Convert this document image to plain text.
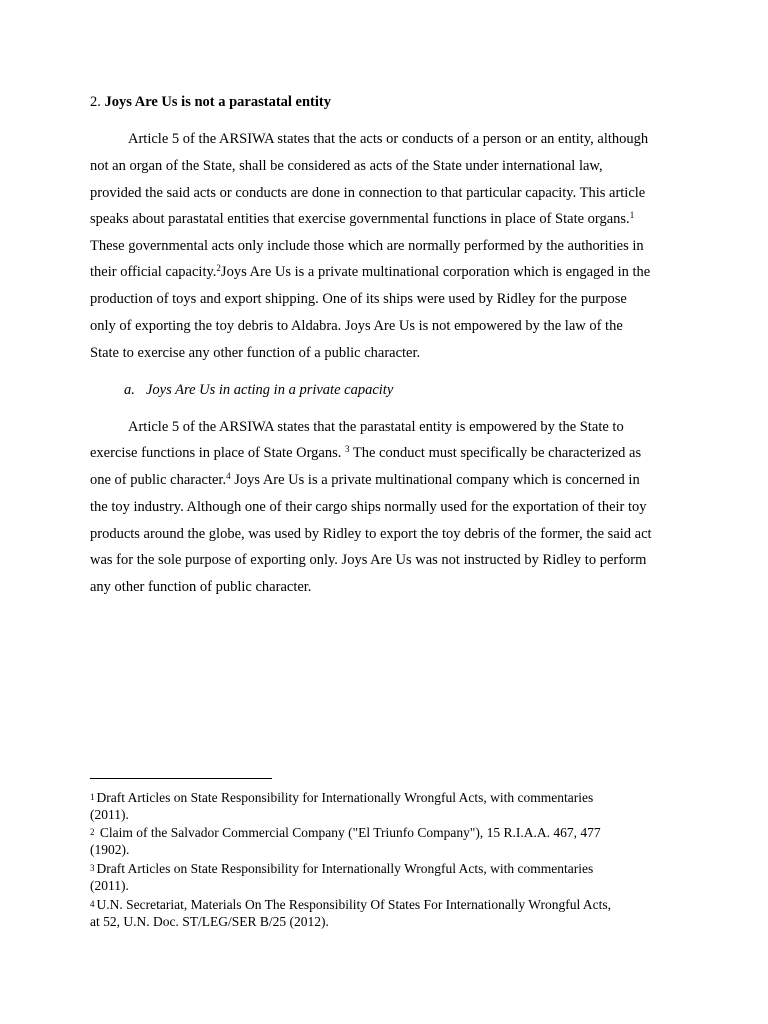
2. Joys Are Us is not a parastatal entity
Article 5 of the ARSIWA states that the acts or conducts of a person or an entity, although
not an organ of the State, shall be considered as acts of the State under international law,
provided the said acts or conducts are done in connection to that particular capacity. This article
speaks about parastatal entities that exercise governmental functions in place of State organs.$^1$
These governmental acts only include those which are normally performed by the authorities in
their official capacity.$^2$Joys Are Us is a private multinational corporation which is engaged in the
production of toys and export shipping. One of its ships were used by Ridley for the purpose
only of exporting the toy debris to Aldabra. Joys Are Us is not empowered by the law of the
State to exercise any other function of a public character.
a. Joys Are Us in acting in a private capacity
Article 5 of the ARSIWA states that the parastatal entity is empowered by the State to
exercise functions in place of State Organs. $^3$ The conduct must specifically be characterized as
one of public character.$^4$ Joys Are Us is a private multinational company which is concerned in
the toy industry. Although one of their cargo ships normally used for the exportation of their toy
products around the globe, was used by Ridley to export the toy debris of the former, the said act
was for the sole purpose of exporting only. Joys Are Us was not instructed by Ridley to perform
any other function of public character.
1 Draft Articles on State Responsibility for Internationally Wrongful Acts, with commentaries
(2011).
2 Claim of the Salvador Commercial Company ("El Triunfo Company"), 15 R.I.A.A. 467, 477
(1902).
3 Draft Articles on State Responsibility for Internationally Wrongful Acts, with commentaries
(2011).
4 U.N. Secretariat, Materials On The Responsibility Of States For Internationally Wrongful Acts,
at 52, U.N. Doc. ST/LEG/SER B/25 (2012).
